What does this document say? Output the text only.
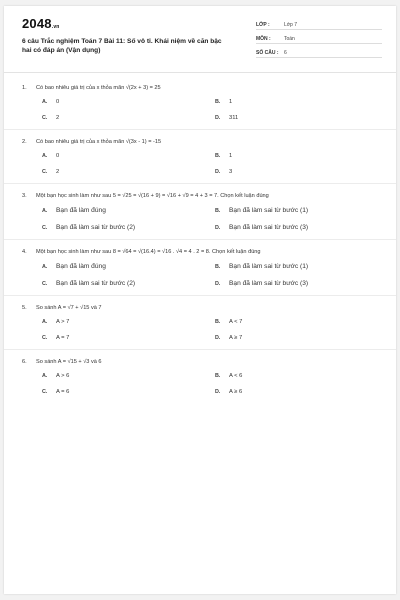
2048.vn
6 câu Trắc nghiệm Toán 7 Bài 11: Số vô tỉ. Khái niệm về căn bậc hai có đáp án (Vận dụng)
LỚP :	Lớp 7
MÔN :	Toán
SỐ CÂU :	6
1.	Có bao nhiêu giá trị của x thỏa mãn √(2x + 3) = 25
A.	0	B.	1
C.	2	D.	311
2.	Có bao nhiêu giá trị của x thỏa mãn √(3x - 1) = -15
A.	0	B.	1
C.	2	D.	3
3.	Một bạn học sinh làm như sau 5 = √25 = √(16 + 9) = √16 + √9 = 4 + 3 = 7. Chọn kết luận đúng
A.	Bạn đã làm đúng	B.	Bạn đã làm sai từ bước (1)
C.	Bạn đã làm sai từ bước (2)	D.	Bạn đã làm sai từ bước (3)
4.	Một bạn học sinh làm như sau 8 = √64 = √(16.4) = √16 . √4 = 4 . 2 = 8. Chọn kết luận đúng
A.	Bạn đã làm đúng	B.	Bạn đã làm sai từ bước (1)
C.	Bạn đã làm sai từ bước (2)	D.	Bạn đã làm sai từ bước (3)
5.	So sánh A = √7 + √15 và 7
A.	A > 7	B.	A < 7
C.	A = 7	D.	A ≥ 7
6.	So sánh A = √15 + √3 và 6
A.	A > 6	B.	A < 6
C.	A = 6	D.	A ≥ 6
